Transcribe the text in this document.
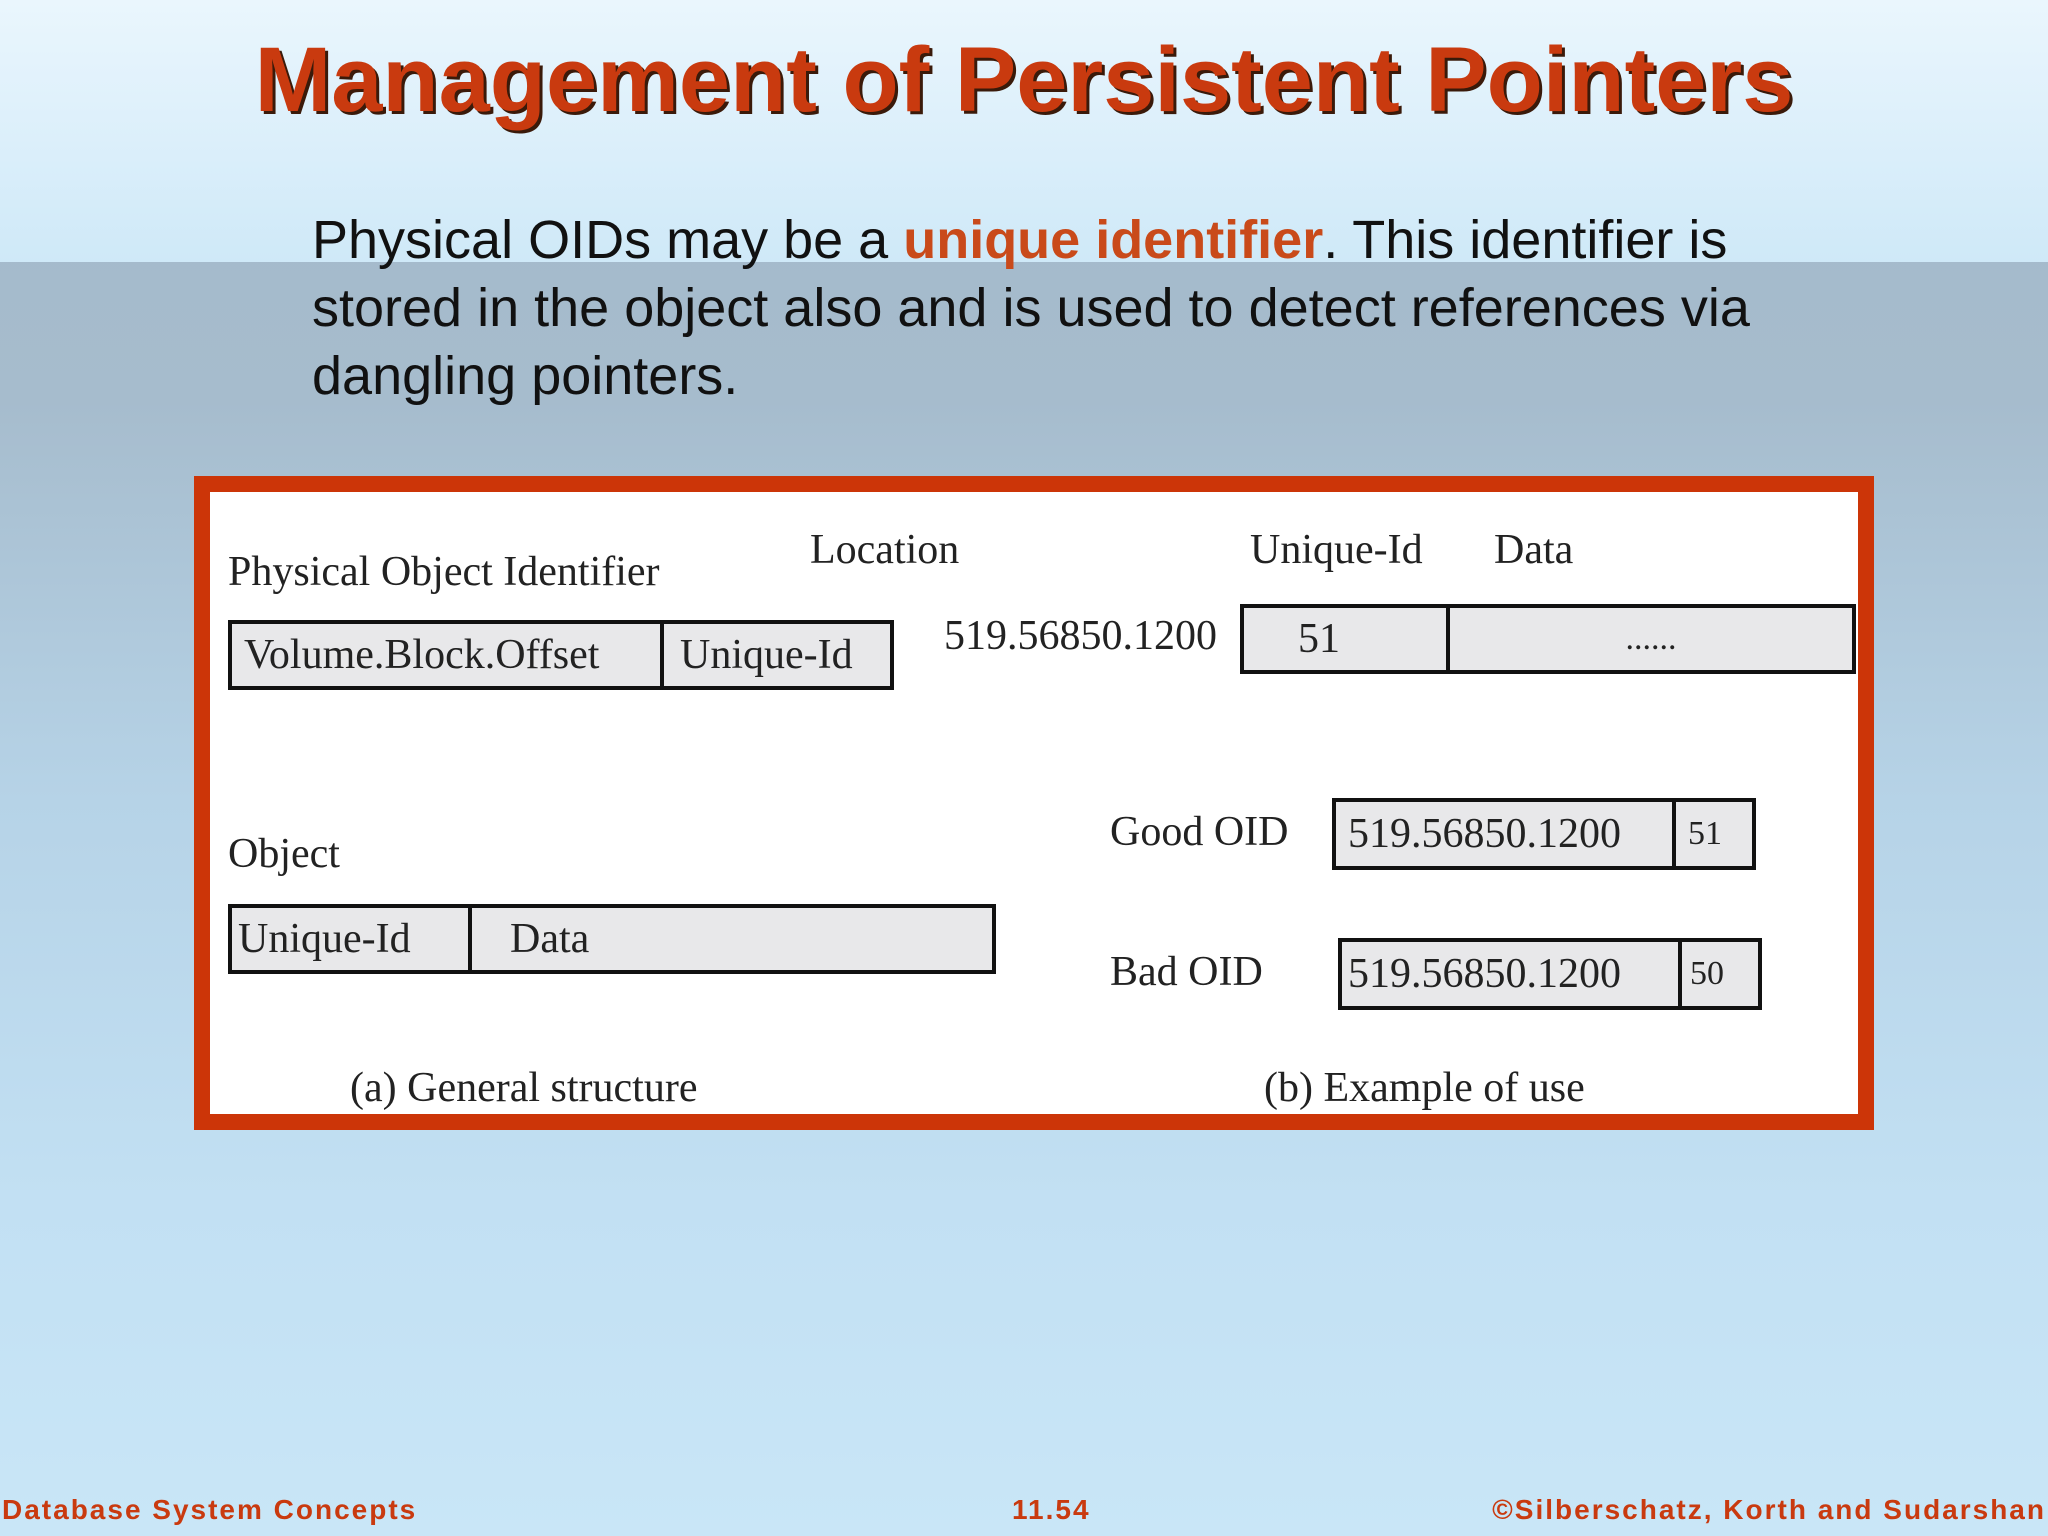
Management of Persistent Pointers
Physical OIDs may be a unique identifier. This identifier is stored in the object also and is used to detect references via dangling pointers.
Physical Object Identifier
Volume.Block.Offset	Unique-Id
Object
Unique-Id	Data
(a) General structure
Location	Unique-Id Data
519.56850.1200	51	......
Good OID 519.56850.1200	51
Bad OID 519.56850.1200	50
(b) Example of use
Database System Concepts	11.54	©Silberschatz, Korth and Sudarshan
